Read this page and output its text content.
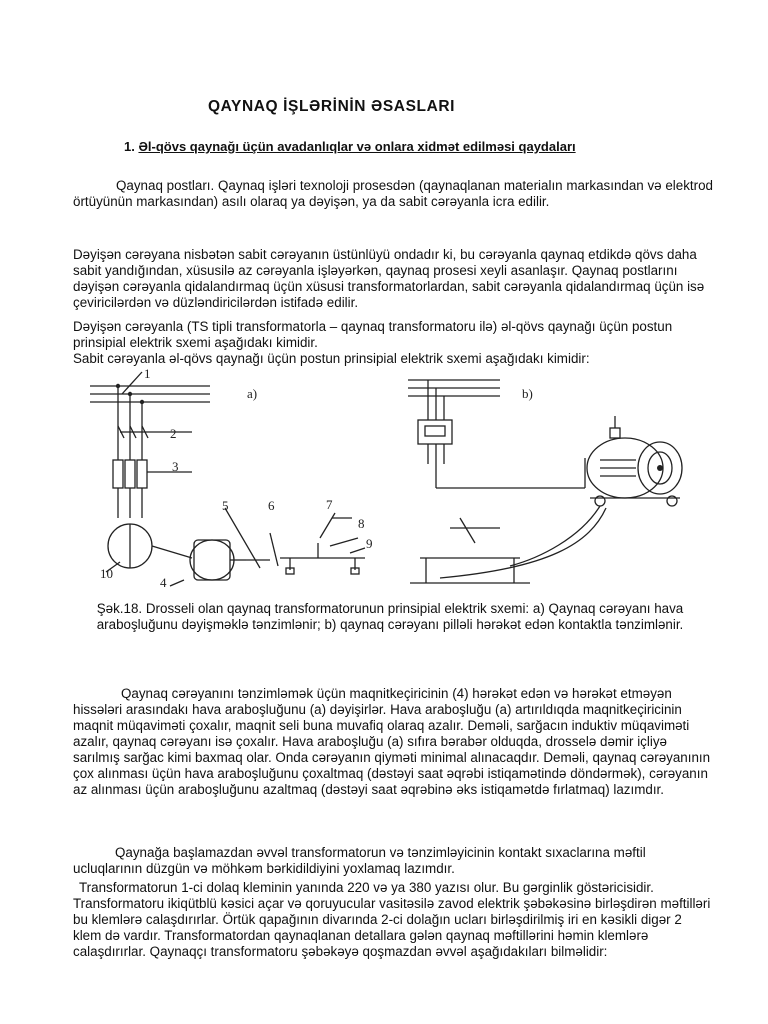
QAYNAQ İŞLƏRİNİN ƏSASLARI

1. Əl-qövs qaynağı üçün avadanlıqlar və onlara xidmət edilməsi qaydaları

Qaynaq postları. Qaynaq işləri texnoloji prosesdən (qaynaqlanan materialın markasından və elektrod örtüyünün markasından) asılı olaraq ya dəyişən, ya da sabit cərəyanla icra edilir.

Dəyişən cərəyana nisbətən sabit cərəyanın üstünlüyü ondadır ki, bu cərəyanla qaynaq etdikdə qövs daha sabit yandığından, xüsusilə az cərəyanla işləyərkən, qaynaq prosesi xeyli asanlaşır. Qaynaq postlarını dəyişən cərəyanla qidalandırmaq üçün xüsusi transformatorlardan, sabit cərəyanla qidalandırmaq üçün isə çeviricilərdən və düzləndiricilərdən istifadə edilir.

Dəyişən cərəyanla (TS tipli transformatorla – qaynaq transformatoru ilə) əl-qövs qaynağı üçün postun prinsipial elektrik sxemi aşağıdakı kimidir.

Sabit cərəyanla əl-qövs qaynağı üçün postun prinsipial elektrik sxemi aşağıdakı kimidir:

a)
1
2
3
4
5	6	7
8
9
10
b)

Şək.18. Drosseli olan qaynaq transformatorunun prinsipial elektrik sxemi: a) Qaynaq cərəyanı hava araboşluğunu dəyişməklə tənzimlənir; b) qaynaq cərəyanı pilləli hərəkət edən kontaktla tənzimlənir.

Qaynaq cərəyanını tənzimləmək üçün maqnitkeçiricinin (4) hərəkət edən və hərəkət etməyən hissələri arasındakı hava araboşluğunu (a) dəyişirlər. Hava araboşluğu (a) artırıldıqda maqnitkeçiricinin maqnit müqaviməti çoxalır, maqnit seli buna muvafiq olaraq azalır. Deməli, sarğacın induktiv müqaviməti azalır, qaynaq cərəyanı isə çoxalır. Hava araboşluğu (a) sıfıra bərabər olduqda, drosselə dəmir içliyə sarılmış sarğac kimi baxmaq olar. Onda cərəyanın qiyməti minimal alınacaqdır. Deməli, qaynaq cərəyanının çox alınması üçün hava araboşluğunu çoxaltmaq (dəstəyi saat əqrəbi istiqamətində döndərmək), cərəyanın az alınması üçün araboşluğunu azaltmaq (dəstəyi saat əqrəbinə əks istiqamətdə fırlatmaq) lazımdır.

Qaynağa başlamazdan əvvəl transformatorun və tənzimləyicinin kontakt sıxaclarına məftil ucluqlarının düzgün və möhkəm bərkidildiyini yoxlamaq lazımdır.

Transformatorun 1-ci dolaq kleminin yanında 220 və ya 380 yazısı olur. Bu gərginlik göstəricisidir. Transformatoru ikiqütblü kəsici açar və qoruyucular vasitəsilə zavod elektrik şəbəkəsinə birləşdirən məftilləri bu klemlərə calaşdırırlar. Örtük qapağının divarında 2-ci dolağın ucları birləşdirilmiş iri en kəsikli digər 2 klem də vardır. Transformatordan qaynaqlanan detallara gələn qaynaq məftillərini həmin klemlərə calaşdırırlar. Qaynaqçı transformatoru şəbəkəyə qoşmazdan əvvəl aşağıdakıları bilməlidir:
